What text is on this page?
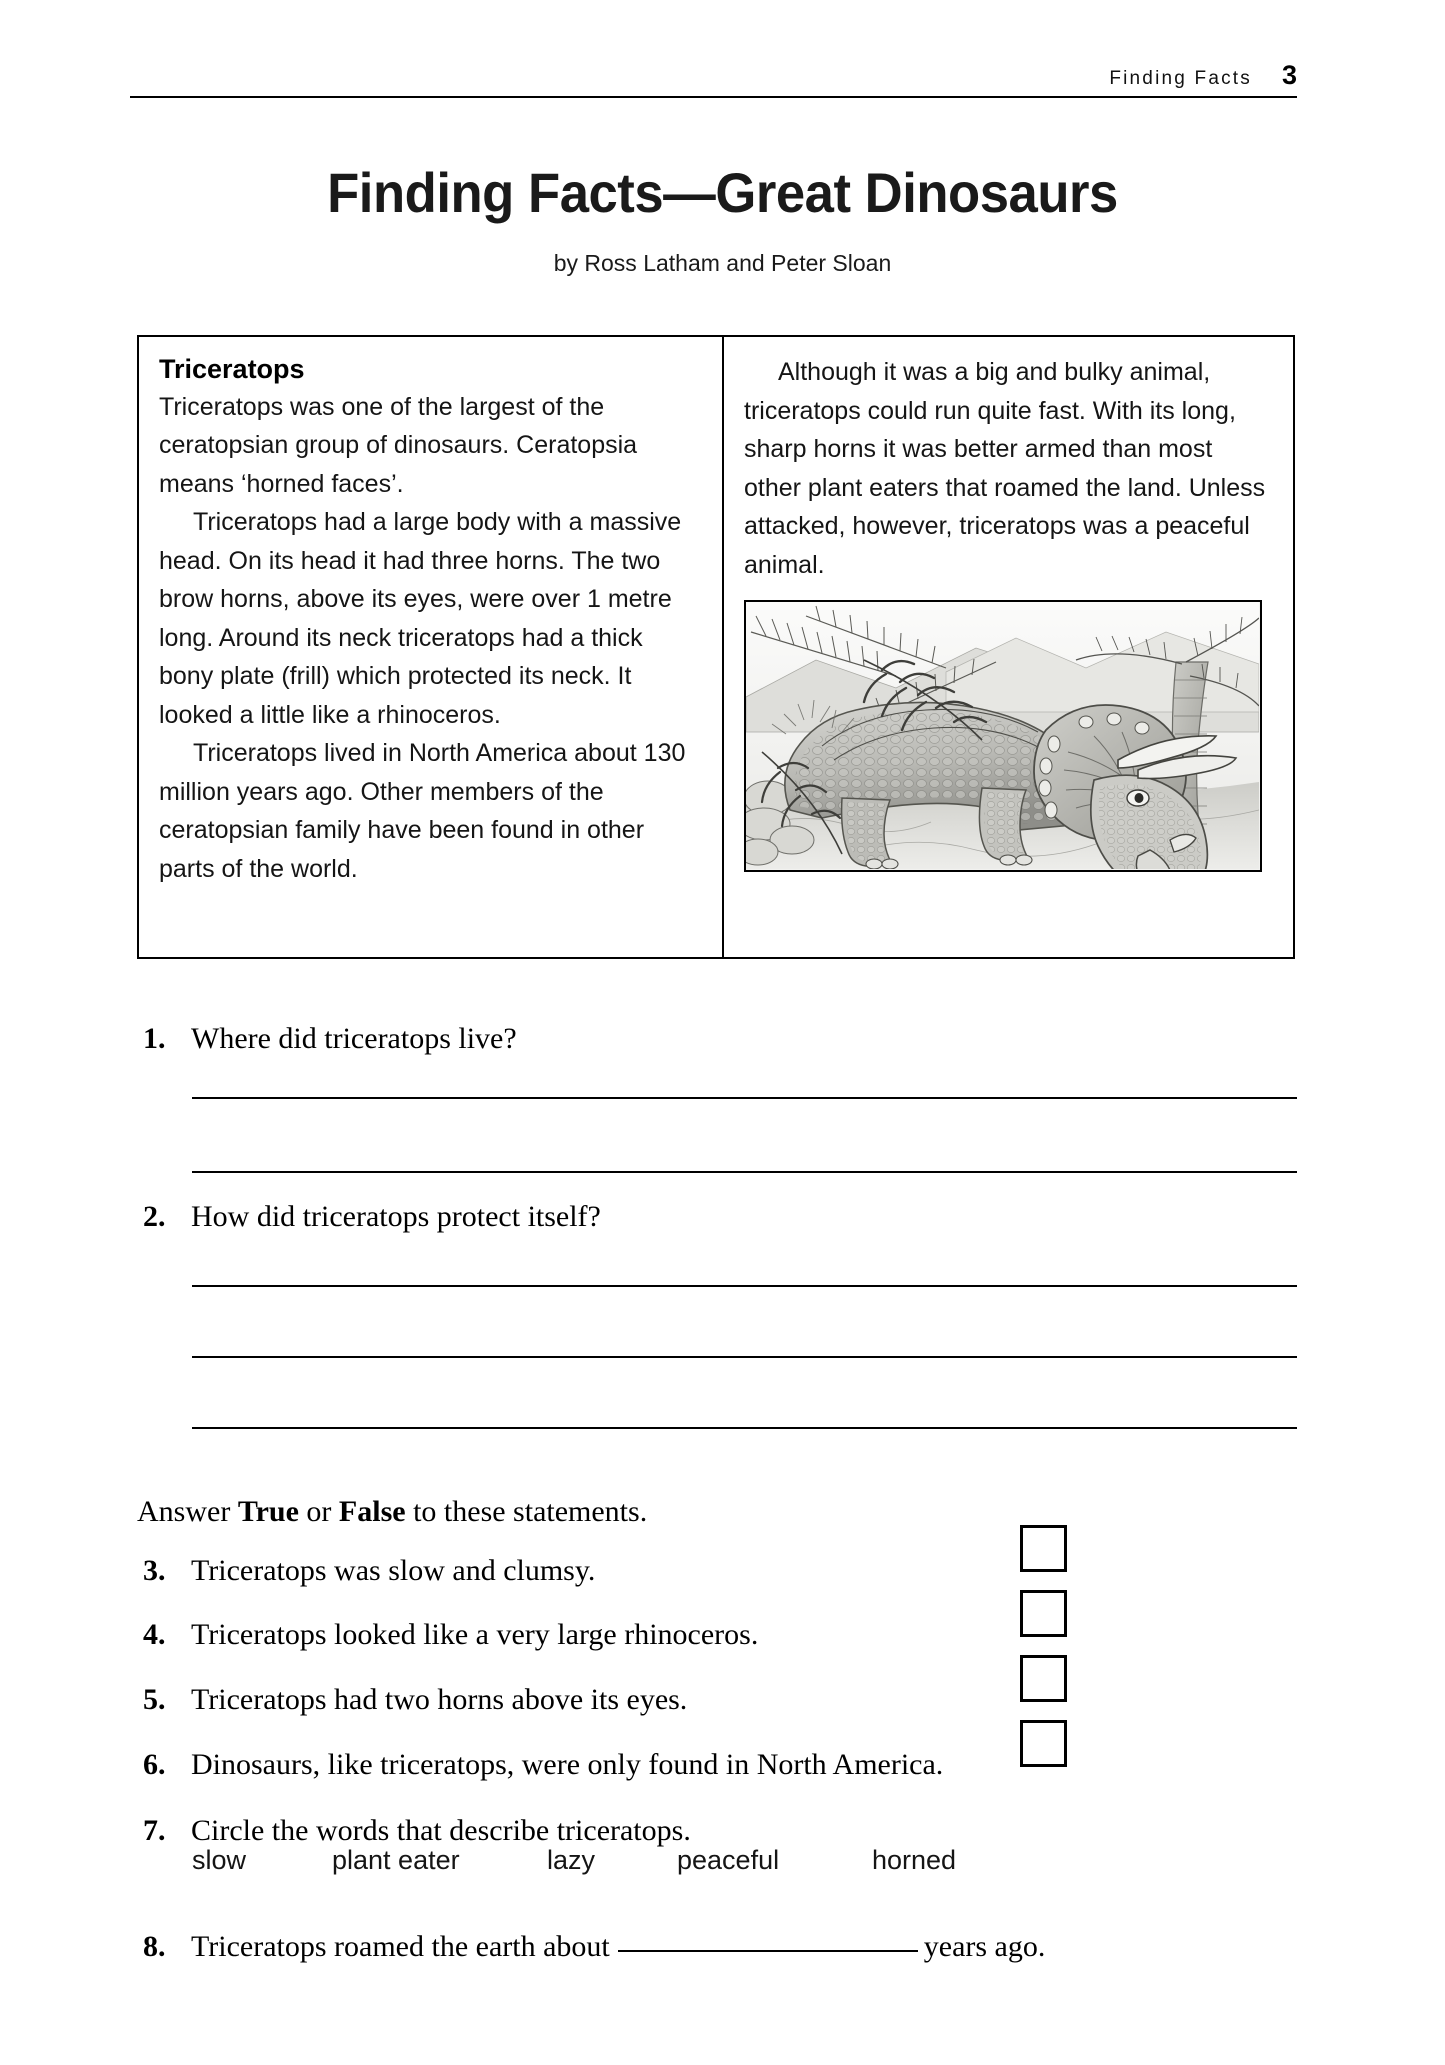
Finding Facts 3
Finding Facts—Great Dinosaurs
by Ross Latham and Peter Sloan
Triceratops

Triceratops was one of the largest of the ceratopsian group of dinosaurs. Ceratopsia means ‘horned faces’.

Triceratops had a large body with a massive head. On its head it had three horns. The two brow horns, above its eyes, were over 1 metre long. Around its neck triceratops had a thick bony plate (frill) which protected its neck. It looked a little like a rhinoceros.

Triceratops lived in North America about 130 million years ago. Other members of the ceratopsian family have been found in other parts of the world.

Although it was a big and bulky animal, triceratops could run quite fast. With its long, sharp horns it was better armed than most other plant eaters that roamed the land. Unless attacked, however, triceratops was a peaceful animal.

1. Where did triceratops live?
2. How did triceratops protect itself?
Answer True or False to these statements.
3. Triceratops was slow and clumsy.
4. Triceratops looked like a very large rhinoceros.
5. Triceratops had two horns above its eyes.
6. Dinosaurs, like triceratops, were only found in North America.
7. Circle the words that describe triceratops.
slow	plant eater	lazy	peaceful	horned
8. Triceratops roamed the earth about	years ago.
